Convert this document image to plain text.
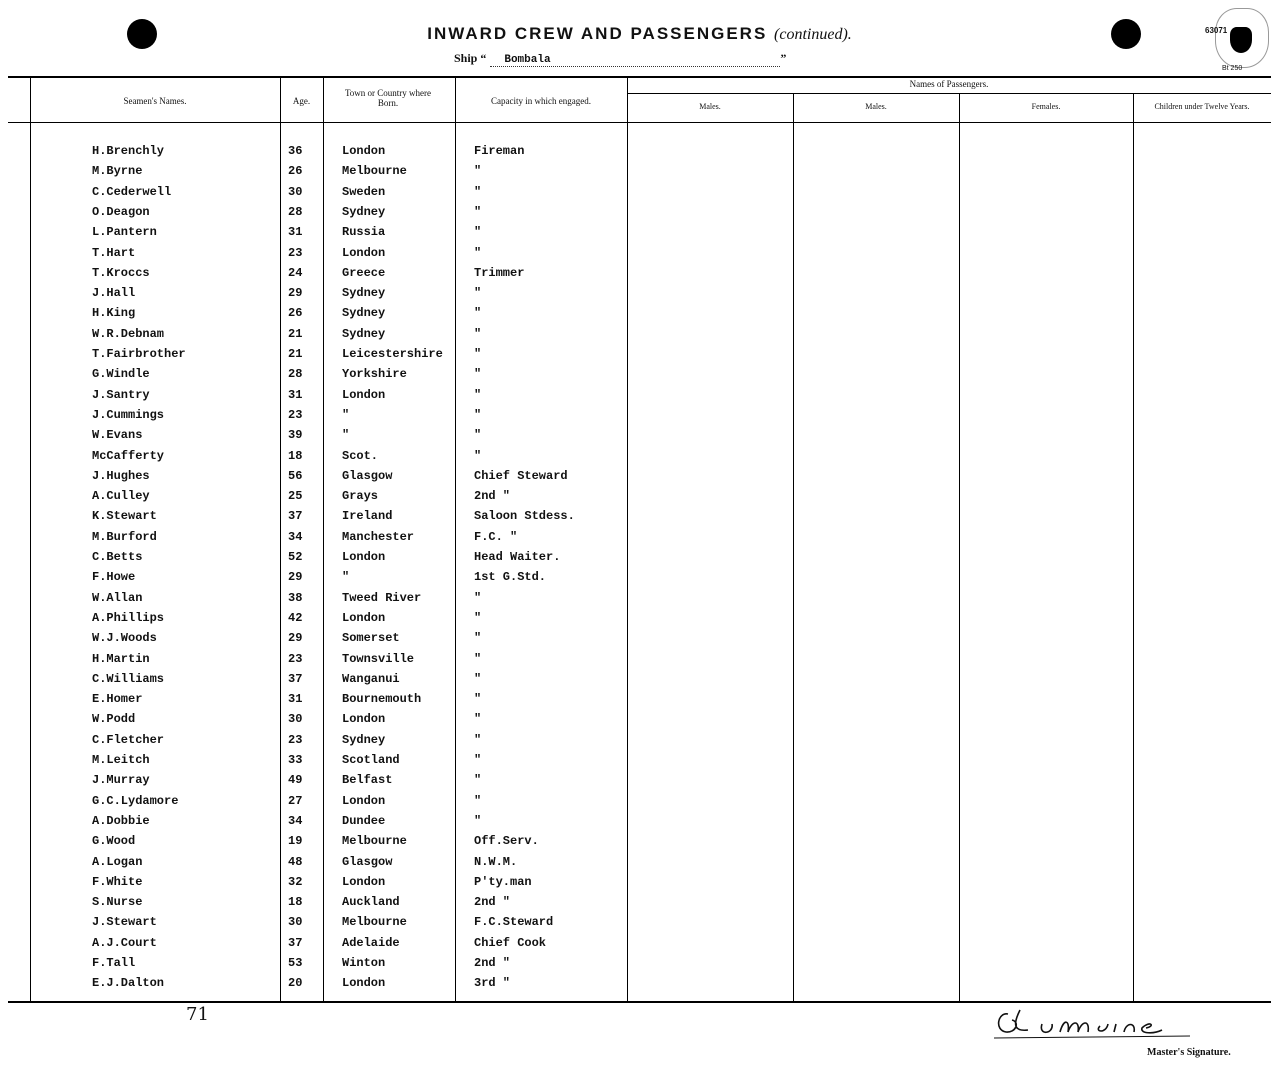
63071
Bt 250
INWARD CREW AND PASSENGERS (continued).
Ship “ Bombala	”
Seamen's Names.	Age.
Town or Country where Born.	Capacity in which engaged.
Names of Passengers.
Males.	Males.	Females.	Children under Twelve Years.
H.Brenchly	36	London	Fireman
M.Byrne	26	Melbourne	"
C.Cederwell	30	Sweden	"
O.Deagon	28	Sydney	"
L.Pantern	31	Russia	"
T.Hart	23	London	"
T.Kroccs	24	Greece	Trimmer
J.Hall	29	Sydney	"
H.King	26	Sydney	"
W.R.Debnam	21	Sydney	"
T.Fairbrother	21	Leicestershire	"
G.Windle	28	Yorkshire	"
J.Santry	31	London	"
J.Cummings	23	"	"
W.Evans	39	"	"
McCafferty	18	Scot.	"
J.Hughes	56	Glasgow	Chief Steward
A.Culley	25	Grays	2nd "
K.Stewart	37	Ireland	Saloon Stdess.
M.Burford	34	Manchester	F.C. "
C.Betts	52	London	Head Waiter.
F.Howe	29	"	1st G.Std.
W.Allan	38	Tweed River	"
A.Phillips	42	London	"
W.J.Woods	29	Somerset	"
H.Martin	23	Townsville	"
C.Williams	37	Wanganui	"
E.Homer	31	Bournemouth	"
W.Podd	30	London	"
C.Fletcher	23	Sydney	"
M.Leitch	33	Scotland	"
J.Murray	49	Belfast	"
G.C.Lydamore	27	London	"
A.Dobbie	34	Dundee	"
G.Wood	19	Melbourne	Off.Serv.
A.Logan	48	Glasgow	N.W.M.
F.White	32	London	P'ty.man
S.Nurse	18	Auckland	2nd "
J.Stewart	30	Melbourne	F.C.Steward
A.J.Court	37	Adelaide	Chief Cook
F.Tall	53	Winton	2nd "
E.J.Dalton	20	London	3rd "
71
Master's Signature.
